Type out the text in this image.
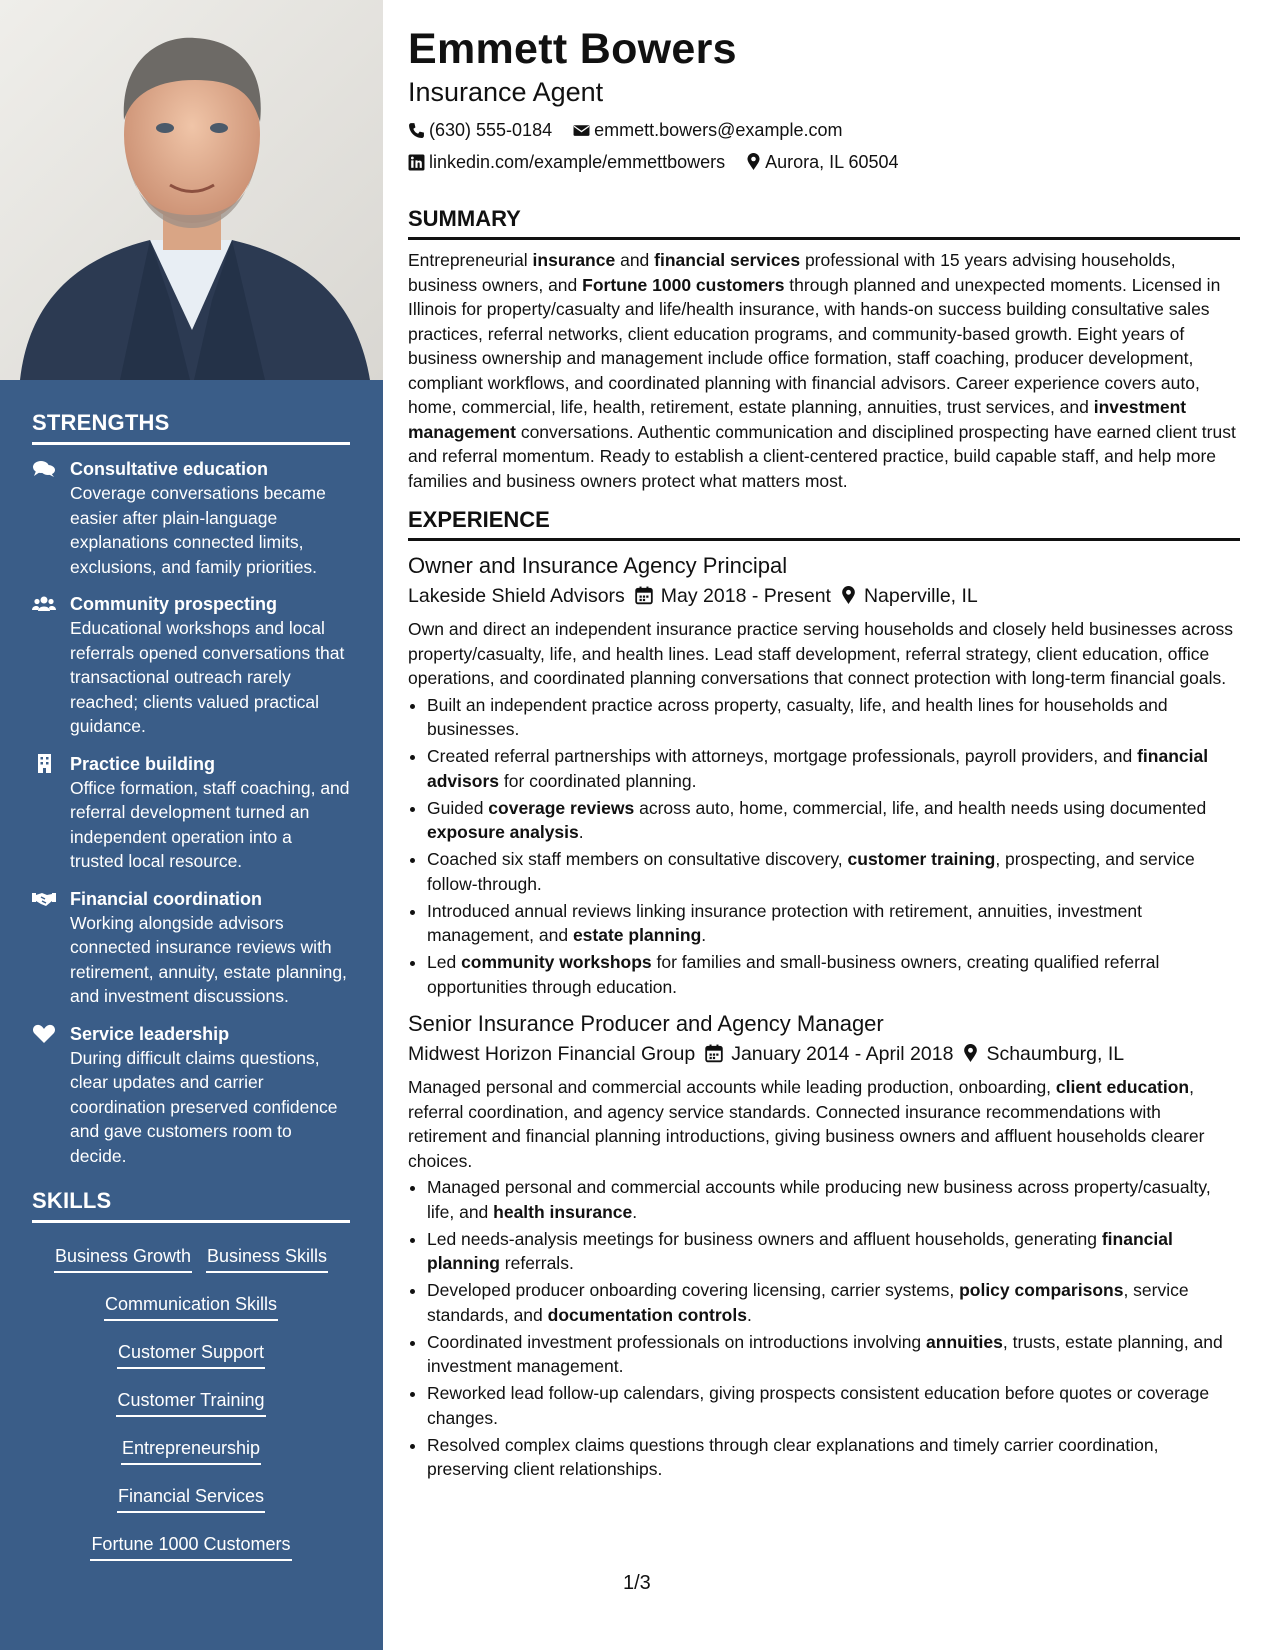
STRENGTHS
Consultative education
Coverage conversations became easier after plain-language explanations connected limits, exclusions, and family priorities.
Community prospecting
Educational workshops and local referrals opened conversations that transactional outreach rarely reached; clients valued practical guidance.
Practice building
Office formation, staff coaching, and referral development turned an independent operation into a trusted local resource.
Financial coordination
Working alongside advisors connected insurance reviews with retirement, annuity, estate planning, and investment discussions.
Service leadership
During difficult claims questions, clear updates and carrier coordination preserved confidence and gave customers room to decide.
SKILLS
Business Growth Business Skills
Communication Skills
Customer Support
Customer Training
Entrepreneurship
Financial Services
Fortune 1000 Customers
Emmett Bowers
Insurance Agent
(630) 555-0184 emmett.bowers@example.com
linkedin.com/example/emmettbowers Aurora, IL 60504
SUMMARY

Entrepreneurial insurance and financial services professional with 15 years advising households, business owners, and Fortune 1000 customers through planned and unexpected moments. Licensed in Illinois for property/casualty and life/health insurance, with hands-on success building consultative sales practices, referral networks, client education programs, and community-based growth. Eight years of business ownership and management include office formation, staff coaching, producer development, compliant workflows, and coordinated planning with financial advisors. Career experience covers auto, home, commercial, life, health, retirement, estate planning, annuities, trust services, and investment management conversations. Authentic communication and disciplined prospecting have earned client trust and referral momentum. Ready to establish a client-centered practice, build capable staff, and help more families and business owners protect what matters most.

EXPERIENCE
Owner and Insurance Agency Principal
Lakeside Shield Advisors May 2018 - Present Naperville, IL

Own and direct an independent insurance practice serving households and closely held businesses across property/casualty, life, and health lines. Lead staff development, referral strategy, client education, office operations, and coordinated planning conversations that connect protection with long-term financial goals.

• Built an independent practice across property, casualty, life, and health lines for households and businesses.
• Created referral partnerships with attorneys, mortgage professionals, payroll providers, and financial advisors for coordinated planning.
• Guided coverage reviews across auto, home, commercial, life, and health needs using documented exposure analysis.
• Coached six staff members on consultative discovery, customer training, prospecting, and service follow-through.
• Introduced annual reviews linking insurance protection with retirement, annuities, investment management, and estate planning.
• Led community workshops for families and small-business owners, creating qualified referral opportunities through education.
Senior Insurance Producer and Agency Manager
Midwest Horizon Financial Group January 2014 - April 2018 Schaumburg, IL

Managed personal and commercial accounts while leading production, onboarding, client education, referral coordination, and agency service standards. Connected insurance recommendations with retirement and financial planning introductions, giving business owners and affluent households clearer choices.

• Managed personal and commercial accounts while producing new business across property/casualty, life, and health insurance.
• Led needs-analysis meetings for business owners and affluent households, generating financial planning referrals.
• Developed producer onboarding covering licensing, carrier systems, policy comparisons, service standards, and documentation controls.
• Coordinated investment professionals on introductions involving annuities, trusts, estate planning, and investment management.
• Reworked lead follow-up calendars, giving prospects consistent education before quotes or coverage changes.
• Resolved complex claims questions through clear explanations and timely carrier coordination, preserving client relationships.
1/3
